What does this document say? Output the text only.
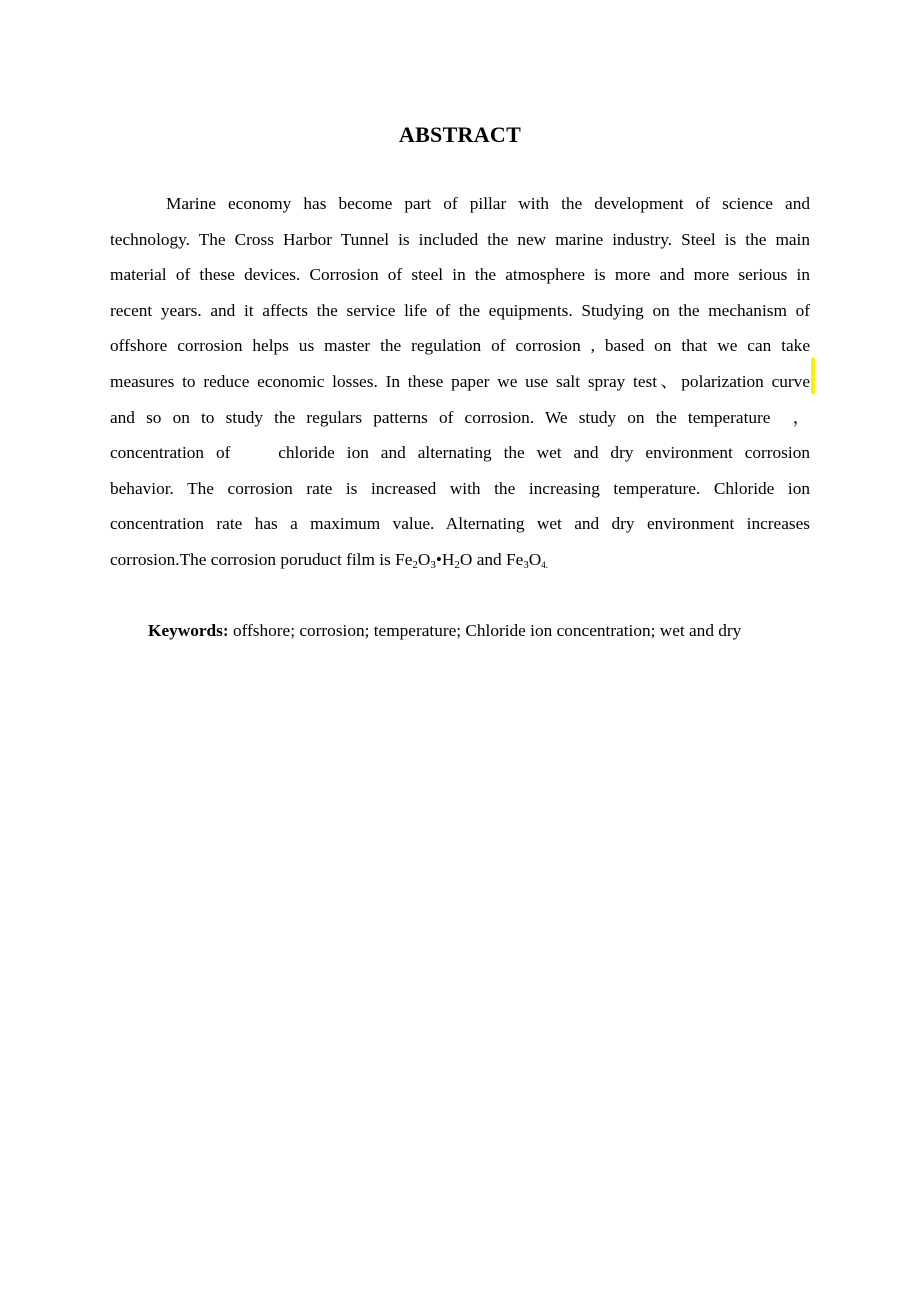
ABSTRACT
Marine economy has become part of pillar with the development of science and
technology. The Cross Harbor Tunnel is included the new marine industry. Steel is the main
material of these devices. Corrosion of steel in the atmosphere is more and more serious in
recent years. and it affects the service life of the equipments. Studying on the mechanism of
offshore corrosion helps us master the regulation of corrosion , based on that we can take
measures to reduce economic losses. In these paper we use salt spray test、polarization curve
and so on to study the regulars patterns of corrosion. We study on the temperature  ，
concentration of    chloride ion and alternating the wet and dry environment corrosion
behavior. The corrosion rate is increased with the increasing temperature. Chloride ion
concentration rate has a maximum value. Alternating wet and dry environment increases
corrosion.The corrosion poruduct film is $Fe_2O_3•H_2O$ and $Fe_3O_{4.}$
Keywords: offshore; corrosion; temperature; Chloride ion concentration; wet and dry
